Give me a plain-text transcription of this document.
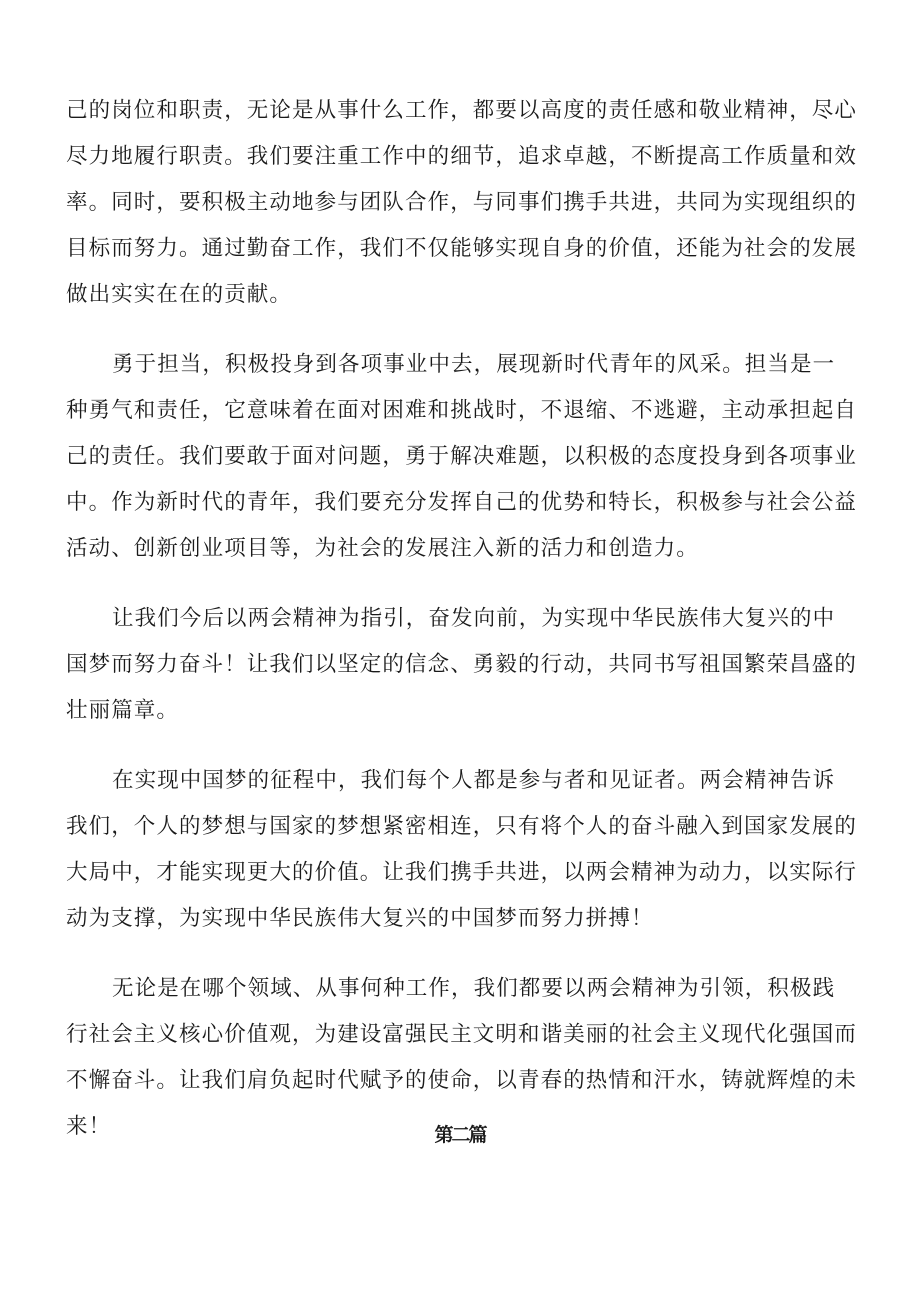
己的岗位和职责，无论是从事什么工作，都要以高度的责任感和敬业精神，尽心
尽力地履行职责。我们要注重工作中的细节，追求卓越，不断提高工作质量和效
率。同时，要积极主动地参与团队合作，与同事们携手共进，共同为实现组织的
目标而努力。通过勤奋工作，我们不仅能够实现自身的价值，还能为社会的发展
做出实实在在的贡献。

勇于担当，积极投身到各项事业中去，展现新时代青年的风采。担当是一
种勇气和责任，它意味着在面对困难和挑战时，不退缩、不逃避，主动承担起自
己的责任。我们要敢于面对问题，勇于解决难题，以积极的态度投身到各项事业
中。作为新时代的青年，我们要充分发挥自己的优势和特长，积极参与社会公益
活动、创新创业项目等，为社会的发展注入新的活力和创造力。

让我们今后以两会精神为指引，奋发向前，为实现中华民族伟大复兴的中
国梦而努力奋斗！让我们以坚定的信念、勇毅的行动，共同书写祖国繁荣昌盛的
壮丽篇章。

在实现中国梦的征程中，我们每个人都是参与者和见证者。两会精神告诉
我们，个人的梦想与国家的梦想紧密相连，只有将个人的奋斗融入到国家发展的
大局中，才能实现更大的价值。让我们携手共进，以两会精神为动力，以实际行
动为支撑，为实现中华民族伟大复兴的中国梦而努力拼搏！

无论是在哪个领域、从事何种工作，我们都要以两会精神为引领，积极践
行社会主义核心价值观，为建设富强民主文明和谐美丽的社会主义现代化强国而
不懈奋斗。让我们肩负起时代赋予的使命，以青春的热情和汗水，铸就辉煌的未
来！	第二篇
